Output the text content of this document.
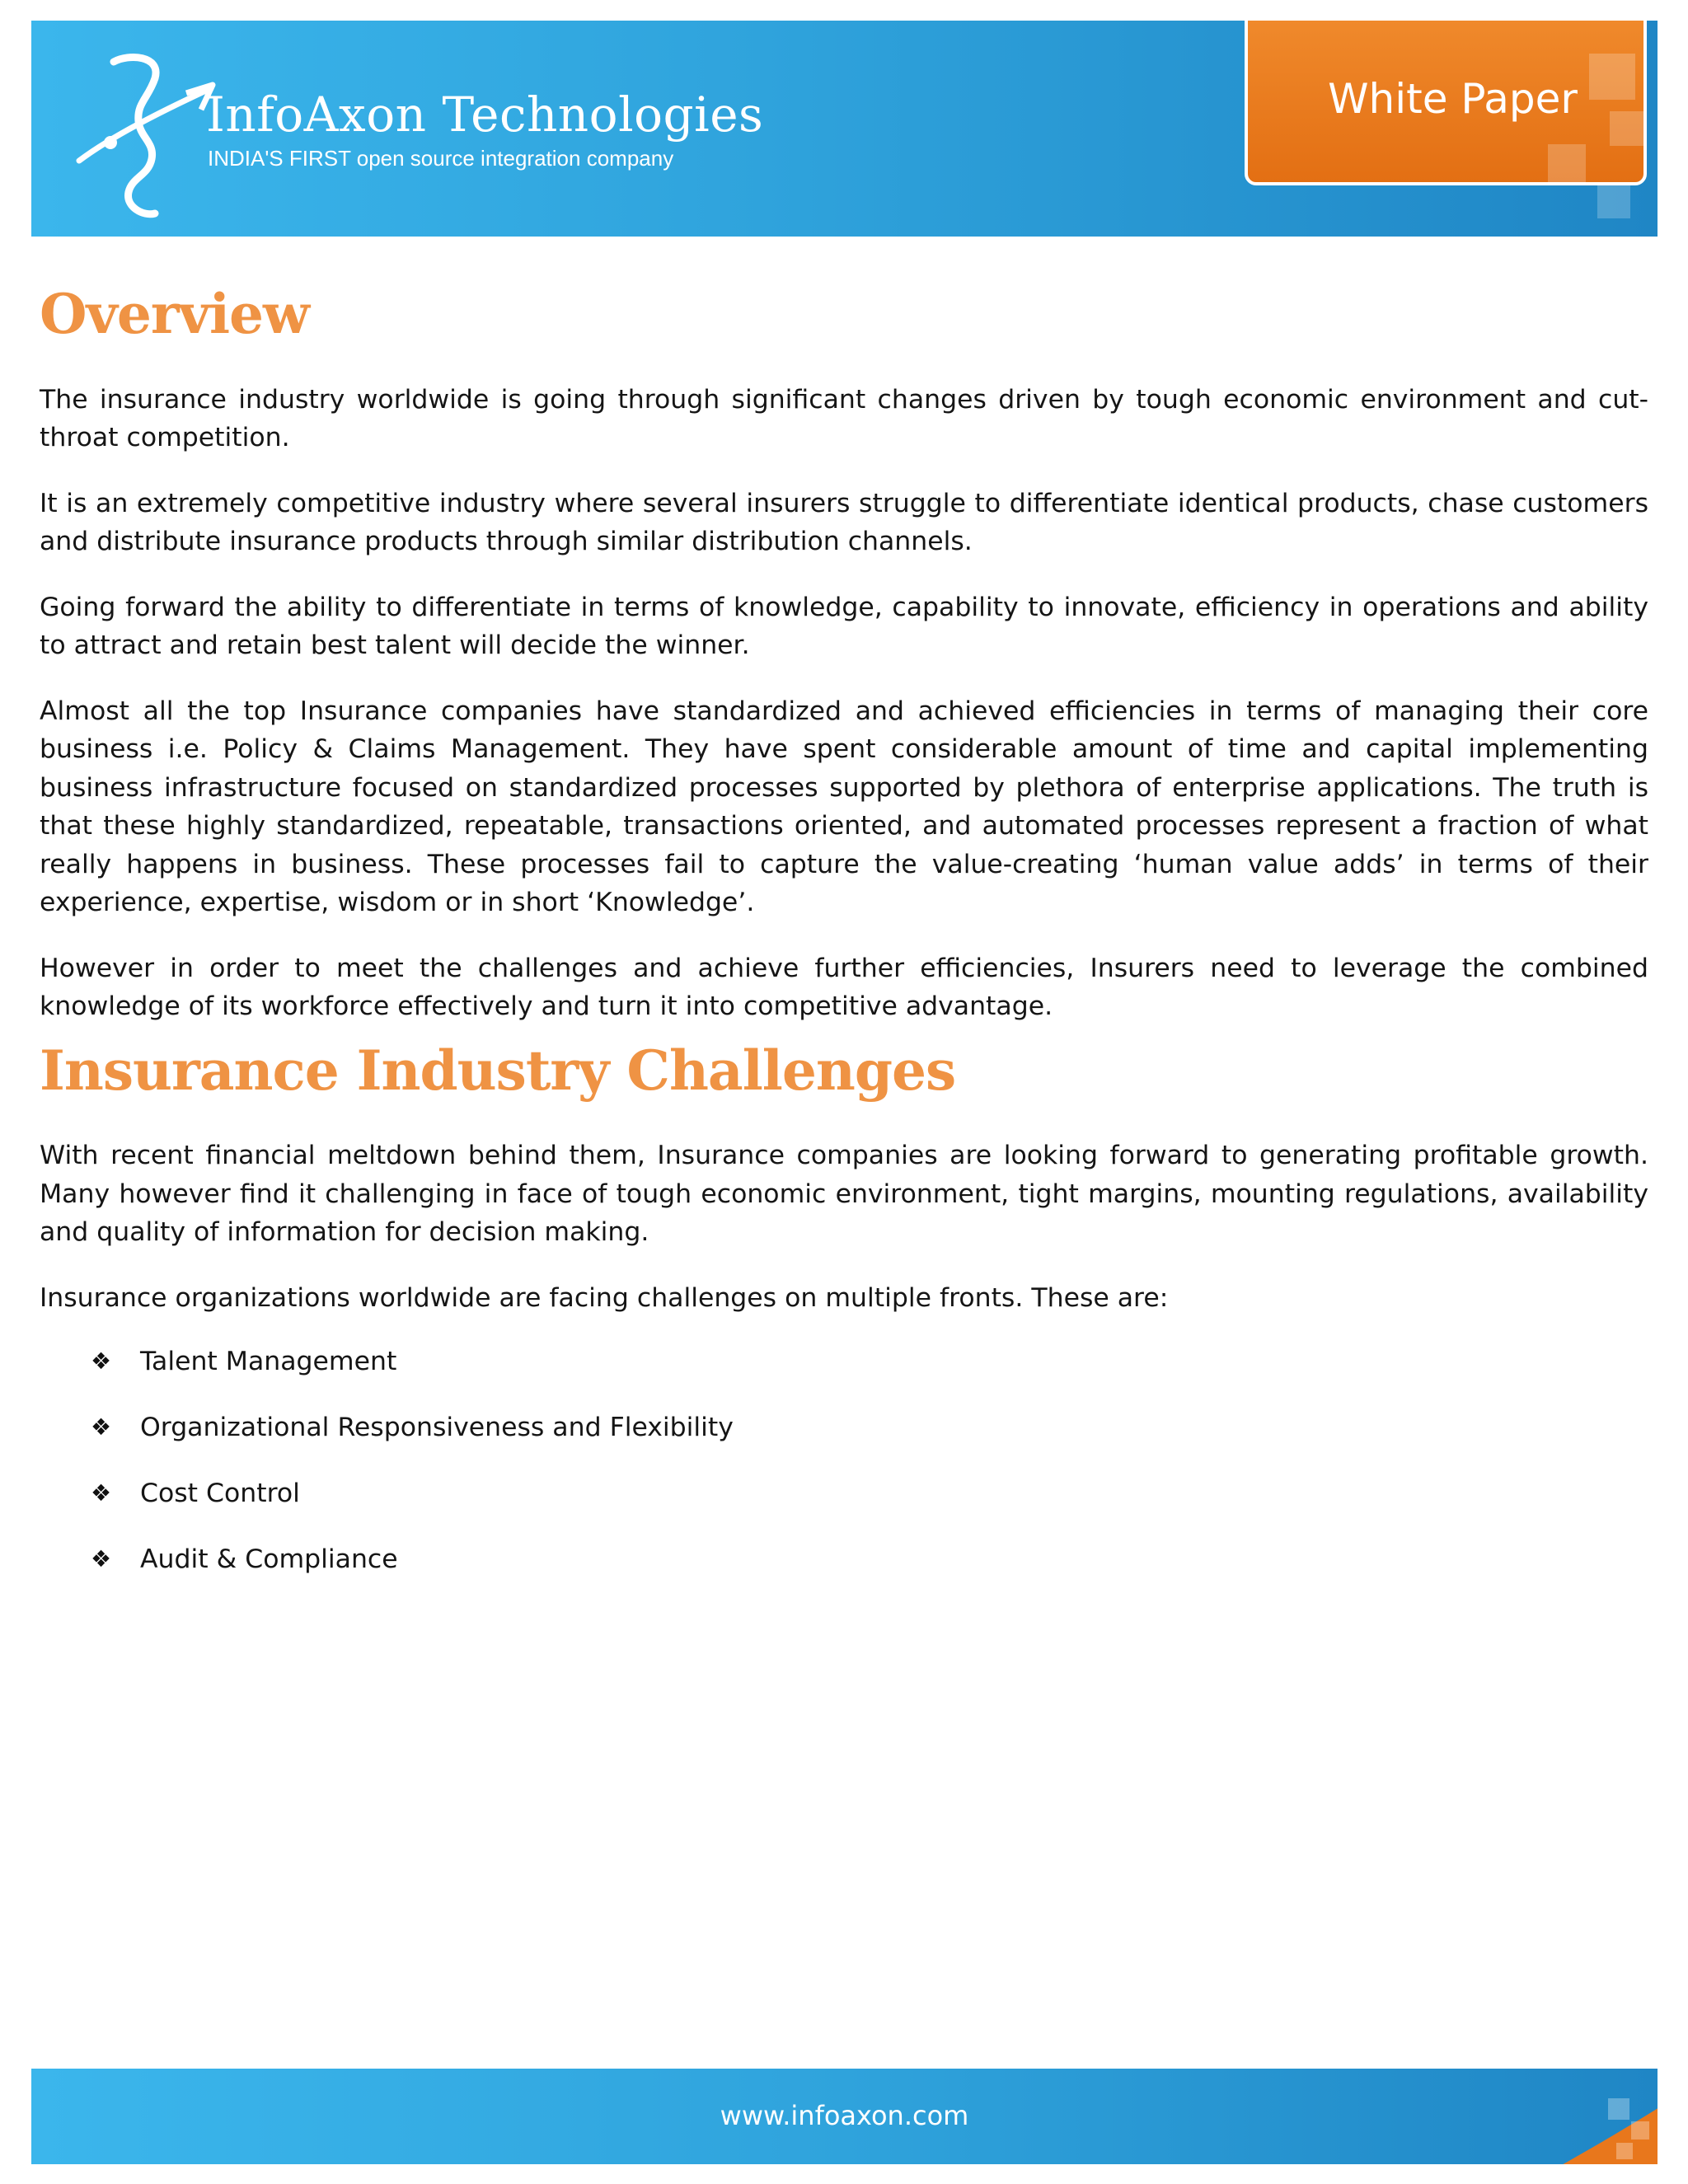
InfoAxon Technologies

INDIA'S FIRST open source integration company

White Paper
Overview

The insurance industry worldwide is going through significant changes driven by tough economic environment and cut-throat competition.

It is an extremely competitive industry where several insurers struggle to differentiate identical products, chase customers and distribute insurance products through similar distribution channels.

Going forward the ability to differentiate in terms of knowledge, capability to innovate, efficiency in operations and ability to attract and retain best talent will decide the winner.

Almost all the top Insurance companies have standardized and achieved efficiencies in terms of managing their core business i.e. Policy & Claims Management. They have spent considerable amount of time and capital implementing business infrastructure focused on standardized processes supported by plethora of enterprise applications. The truth is that these highly standardized, repeatable, transactions oriented, and automated processes represent a fraction of what really happens in business. These processes fail to capture the value-creating ‘human value adds’ in terms of their experience, expertise, wisdom or in short ‘Knowledge’.

However in order to meet the challenges and achieve further efficiencies, Insurers need to leverage the combined knowledge of its workforce effectively and turn it into competitive advantage.

Insurance Industry Challenges

With recent financial meltdown behind them, Insurance companies are looking forward to generating profitable growth. Many however find it challenging in face of tough economic environment, tight margins, mounting regulations, availability and quality of information for decision making.

Insurance organizations worldwide are facing challenges on multiple fronts. These are:

❖ Talent Management
❖ Organizational Responsiveness and Flexibility
❖ Cost Control
❖ Audit & Compliance

www.infoaxon.com
